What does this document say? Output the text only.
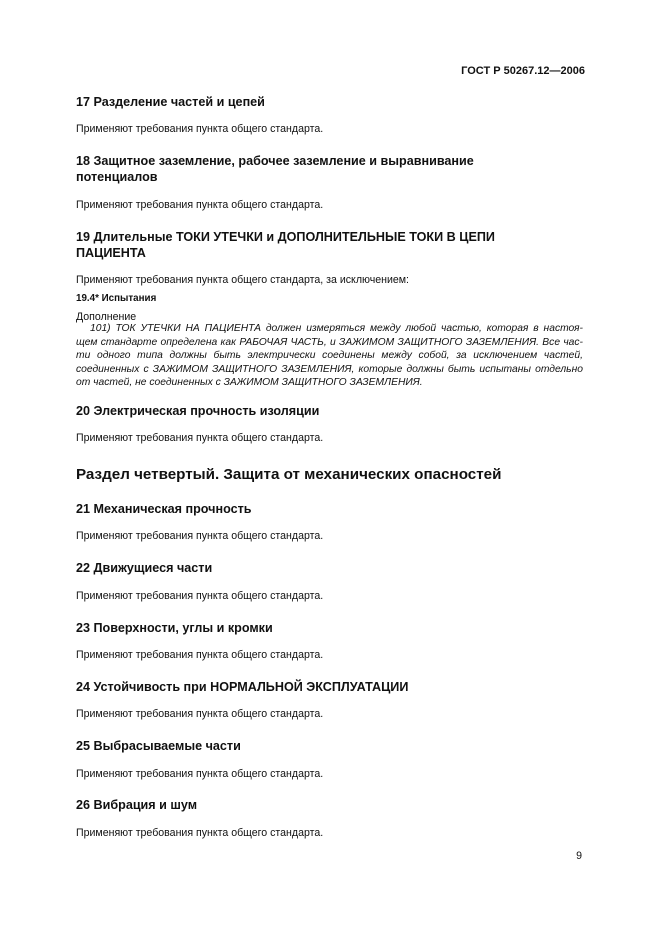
ГОСТ Р 50267.12—2006
17 Разделение частей и цепей
Применяют требования пункта общего стандарта.
18 Защитное заземление, рабочее заземление и выравнивание
потенциалов
Применяют требования пункта общего стандарта.
19 Длительные ТОКИ УТЕЧКИ и ДОПОЛНИТЕЛЬНЫЕ ТОКИ В ЦЕПИ
ПАЦИЕНТА
Применяют требования пункта общего стандарта, за исключением:
19.4* Испытания
Дополнение
101) ТОК УТЕЧКИ НА ПАЦИЕНТА должен измеряться между любой частью, которая в настоя-
щем стандарте определена как РАБОЧАЯ ЧАСТЬ, и ЗАЖИМОМ ЗАЩИТНОГО ЗАЗЕМЛЕНИЯ. Все час-
ти одного типа должны быть электрически соединены между собой, за исключением частей,
соединенных с ЗАЖИМОМ ЗАЩИТНОГО ЗАЗЕМЛЕНИЯ, которые должны быть испытаны отдельно
от частей, не соединенных с ЗАЖИМОМ ЗАЩИТНОГО ЗАЗЕМЛЕНИЯ.
20 Электрическая прочность изоляции
Применяют требования пункта общего стандарта.
Раздел четвертый. Защита от механических опасностей
21 Механическая прочность
Применяют требования пункта общего стандарта.
22 Движущиеся части
Применяют требования пункта общего стандарта.
23 Поверхности, углы и кромки
Применяют требования пункта общего стандарта.
24 Устойчивость при НОРМАЛЬНОЙ ЭКСПЛУАТАЦИИ
Применяют требования пункта общего стандарта.
25 Выбрасываемые части
Применяют требования пункта общего стандарта.
26 Вибрация и шум
Применяют требования пункта общего стандарта.
9
